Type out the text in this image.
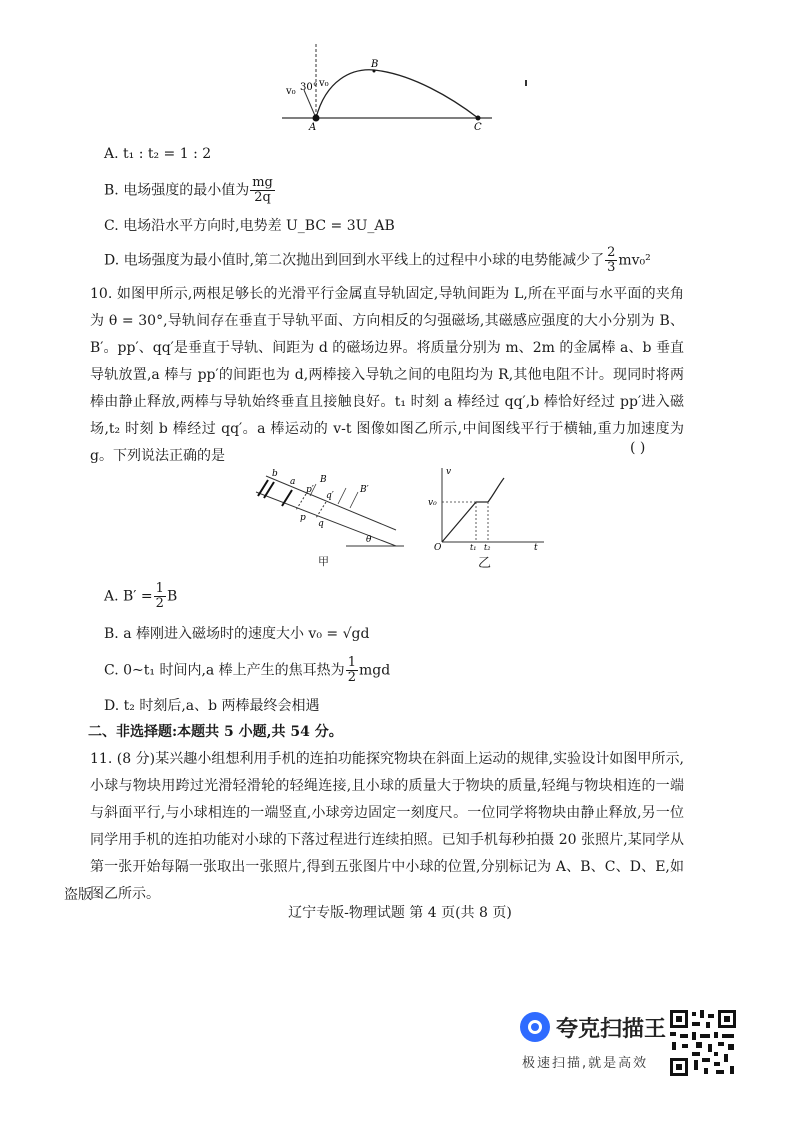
v₀ 30° v₀
A
B
C
A. t₁ : t₂ = 1 : 2
B. 电场强度的最小值为 $\frac{mg}{2q}$
C. 电场沿水平方向时,电势差 U_BC = 3U_AB
D. 电场强度为最小值时,第二次抛出到回到水平线上的过程中小球的电势能减少了 $\frac{2}{3} mv_0^2$
10. 如图甲所示,两根足够长的光滑平行金属直导轨固定,导轨间距为 L,所在平面与水平面的夹角为 θ = 30°,导轨间存在垂直于导轨平面、方向相反的匀强磁场,其磁感应强度的大小分别为 B、B′。pp′、qq′是垂直于导轨、间距为 d 的磁场边界。将质量分别为 m、2m 的金属棒 a、b 垂直导轨放置,a 棒与 pp′的间距也为 d,两棒接入导轨之间的电阻均为 R,其他电阻不计。现同时将两棒由静止释放,两棒与导轨始终垂直且接触良好。t₁ 时刻 a 棒经过 qq′,b 棒恰好经过 pp′进入磁场,t₂ 时刻 b 棒经过 qq′。a 棒运动的 v-t 图像如图乙所示,中间图线平行于横轴,重力加速度为 g。下列说法正确的是	( )
b
a
p
p′
q
q′
B
B′
θ
甲
v
v₀
O	t₁ t₂	t
乙
A. $B' = \frac{1}{2}$ B
B. a 棒刚进入磁场时的速度大小 v₀ = √gd
C. 0~t₁ 时间内,a 棒上产生的焦耳热为 $\frac{1}{2}$ mgd
D. t₂ 时刻后,a、b 两棒最终会相遇
二、非选择题:本题共 5 小题,共 54 分。
11. (8 分)某兴趣小组想利用手机的连拍功能探究物块在斜面上运动的规律,实验设计如图甲所示,小球与物块用跨过光滑轻滑轮的轻绳连接,且小球的质量大于物块的质量,轻绳与物块相连的一端与斜面平行,与小球相连的一端竖直,小球旁边固定一刻度尺。一位同学将物块由静止释放,另一位同学用手机的连拍功能对小球的下落过程进行连续拍照。已知手机每秒拍摄 20 张照片,某同学从第一张开始每隔一张取出一张照片,得到五张图片中小球的位置,分别标记为 A、B、C、D、E,如图乙所示。
盗版
辽宁专版-物理试题 第 4 页(共 8 页)
夸克扫描王
极速扫描,就是高效
